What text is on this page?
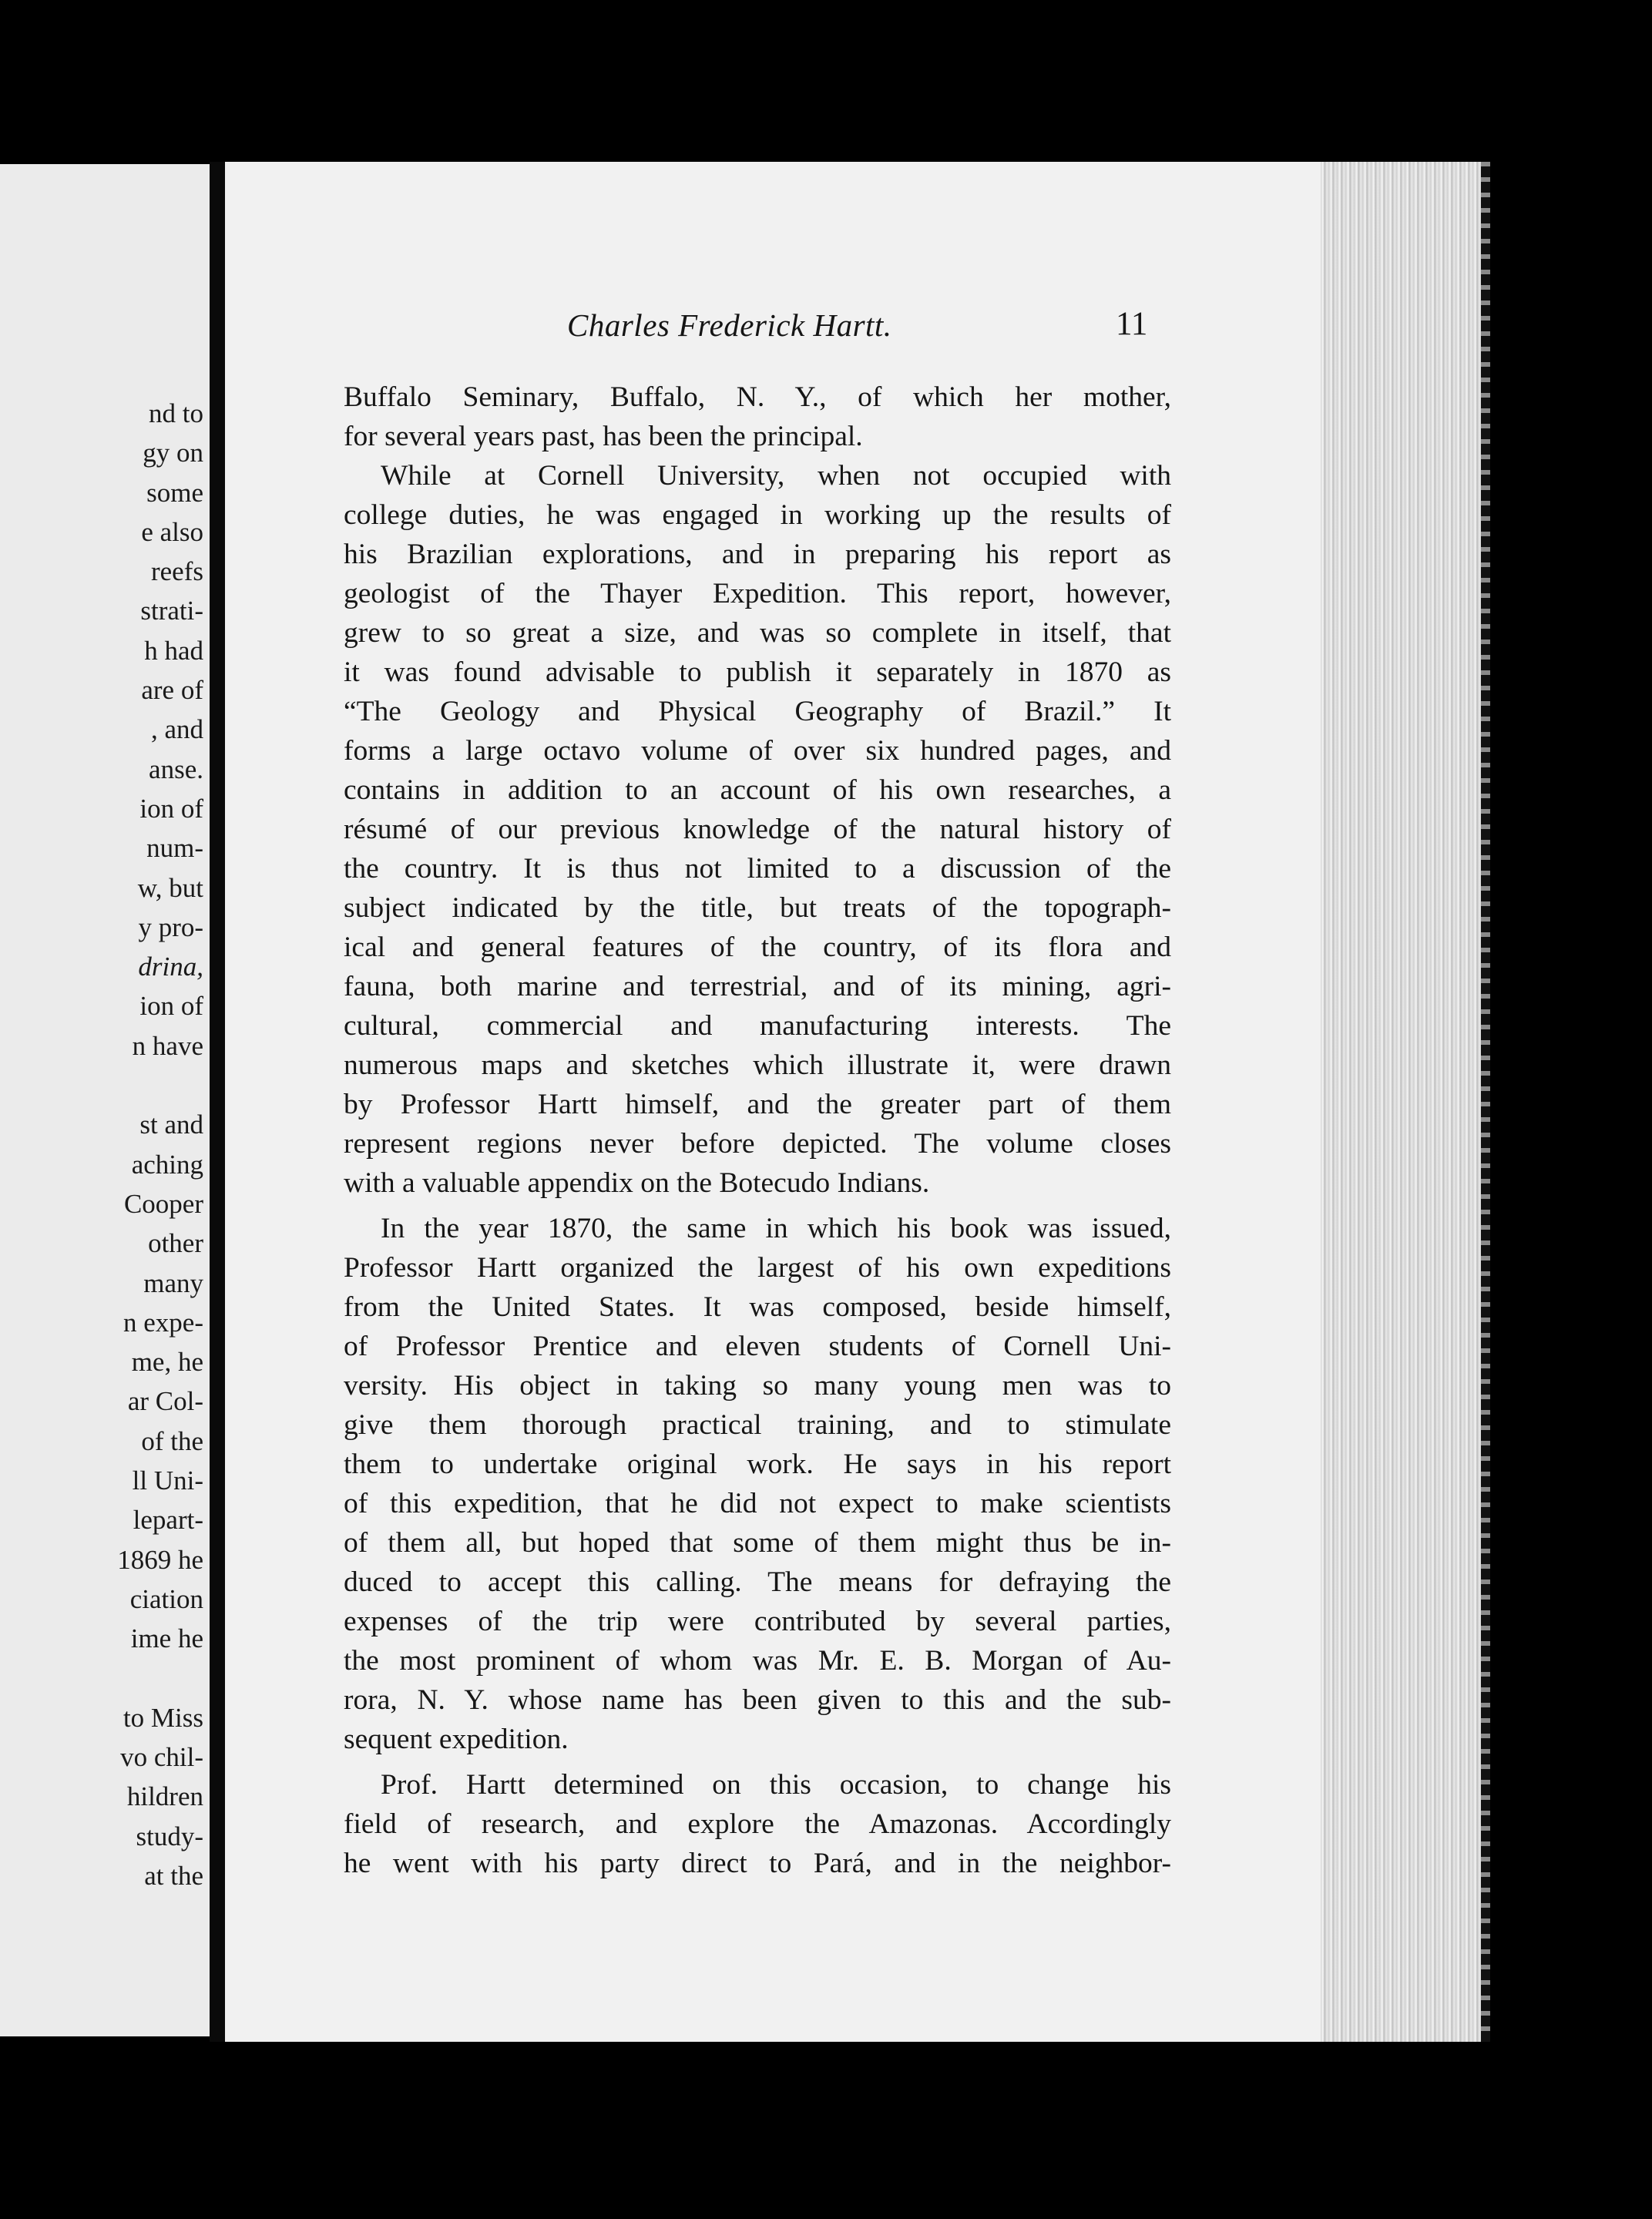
nd to
gy on
some
e also
reefs
strati-
h had
are of
, and
anse.
ion of
num-
w, but
y pro-
drina,
ion of
n have
st and
aching
Cooper
other
many
n expe-
me, he
ar Col-
of the
ll Uni-
lepart-
1869 he
ciation
ime he
to Miss
vo chil-
hildren
study-
at the
Charles Frederick Hartt.	11
Buffalo Seminary, Buffalo, N. Y., of which her mother,
for several years past, has been the principal.
While at Cornell University, when not occupied with
college duties, he was engaged in working up the results of
his Brazilian explorations, and in preparing his report as
geologist of the Thayer Expedition. This report, however,
grew to so great a size, and was so complete in itself, that
it was found advisable to publish it separately in 1870 as
“The Geology and Physical Geography of Brazil.” It
forms a large octavo volume of over six hundred pages, and
contains in addition to an account of his own researches, a
résumé of our previous knowledge of the natural history of
the country. It is thus not limited to a discussion of the
subject indicated by the title, but treats of the topograph-
ical and general features of the country, of its flora and
fauna, both marine and terrestrial, and of its mining, agri-
cultural, commercial and manufacturing interests. The
numerous maps and sketches which illustrate it, were drawn
by Professor Hartt himself, and the greater part of them
represent regions never before depicted. The volume closes
with a valuable appendix on the Botecudo Indians.
In the year 1870, the same in which his book was issued,
Professor Hartt organized the largest of his own expeditions
from the United States. It was composed, beside himself,
of Professor Prentice and eleven students of Cornell Uni-
versity. His object in taking so many young men was to
give them thorough practical training, and to stimulate
them to undertake original work. He says in his report
of this expedition, that he did not expect to make scientists
of them all, but hoped that some of them might thus be in-
duced to accept this calling. The means for defraying the
expenses of the trip were contributed by several parties,
the most prominent of whom was Mr. E. B. Morgan of Au-
rora, N. Y. whose name has been given to this and the sub-
sequent expedition.
Prof. Hartt determined on this occasion, to change his
field of research, and explore the Amazonas. Accordingly
he went with his party direct to Pará, and in the neighbor-
